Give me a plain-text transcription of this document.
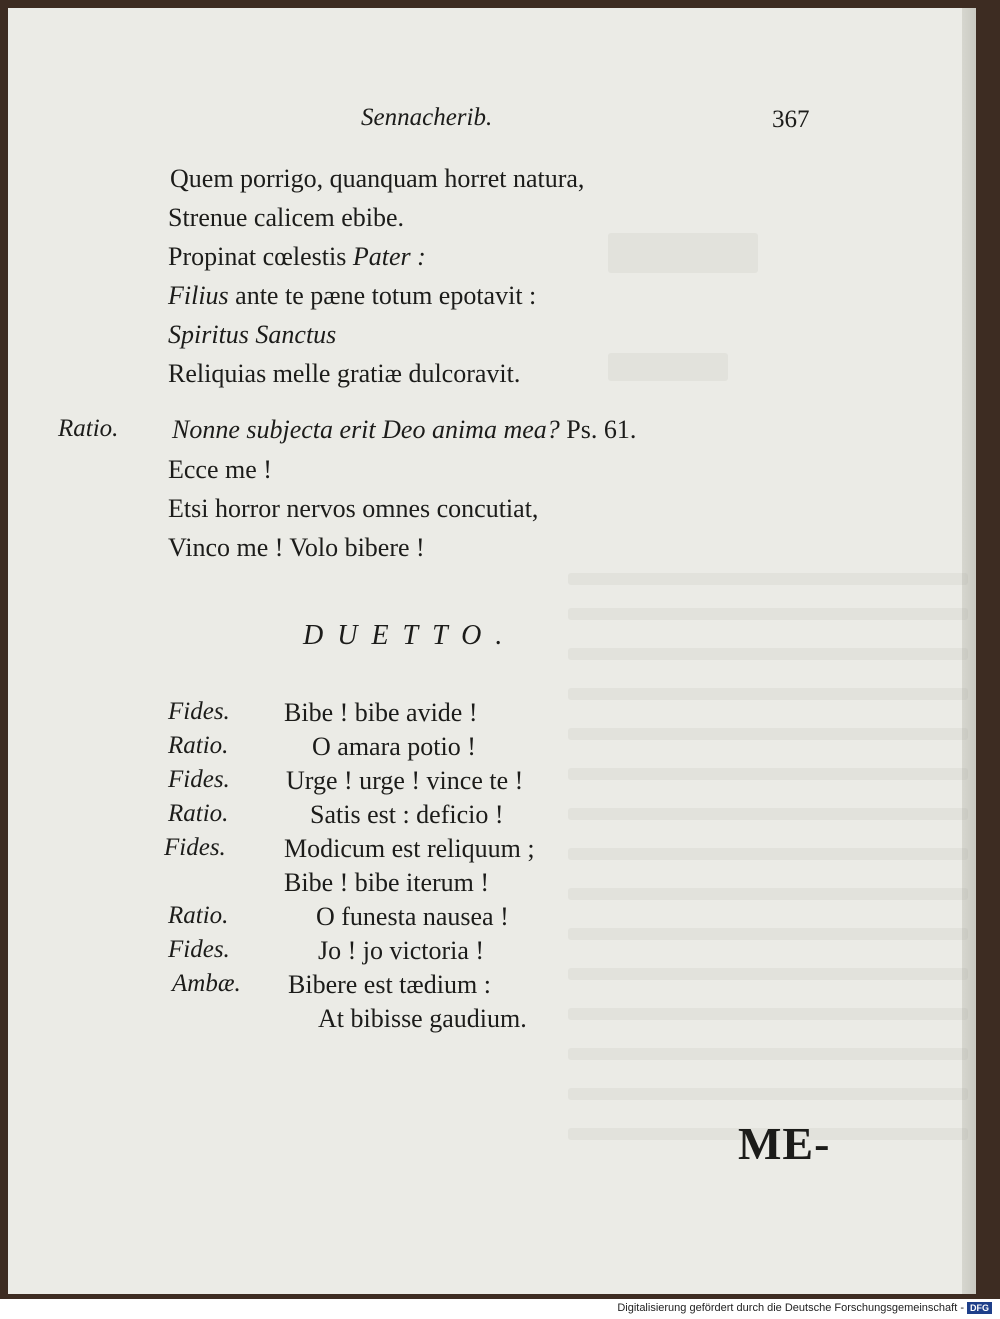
Sennacherib.	367
Quem porrigo, quanquam horret natura,
Strenue calicem ebibe.
Propinat cœlestis Pater :
Filius ante te pæne totum epotavit :
Spiritus Sanctus
Reliquias melle gratiæ dulcoravit.
Ratio. Nonne subjecta erit Deo anima mea? Ps. 61.
Ecce me !
Etsi horror nervos omnes concutiat,
Vinco me ! Volo bibere !
DUETTO.
Fides. Bibe ! bibe avide !
Ratio.	O amara potio !
Fides. Urge ! urge ! vince te !
Ratio.	Satis est : deficio !
Fides. Modicum est reliquum ;
Bibe ! bibe iterum !
Ratio.	O funesta nausea !
Fides.	Jo ! jo victoria !
Ambæ. Bibere est tædium :
At bibisse gaudium.
ME-
Digitalisierung gefördert durch die Deutsche Forschungsgemeinschaft - DFG
